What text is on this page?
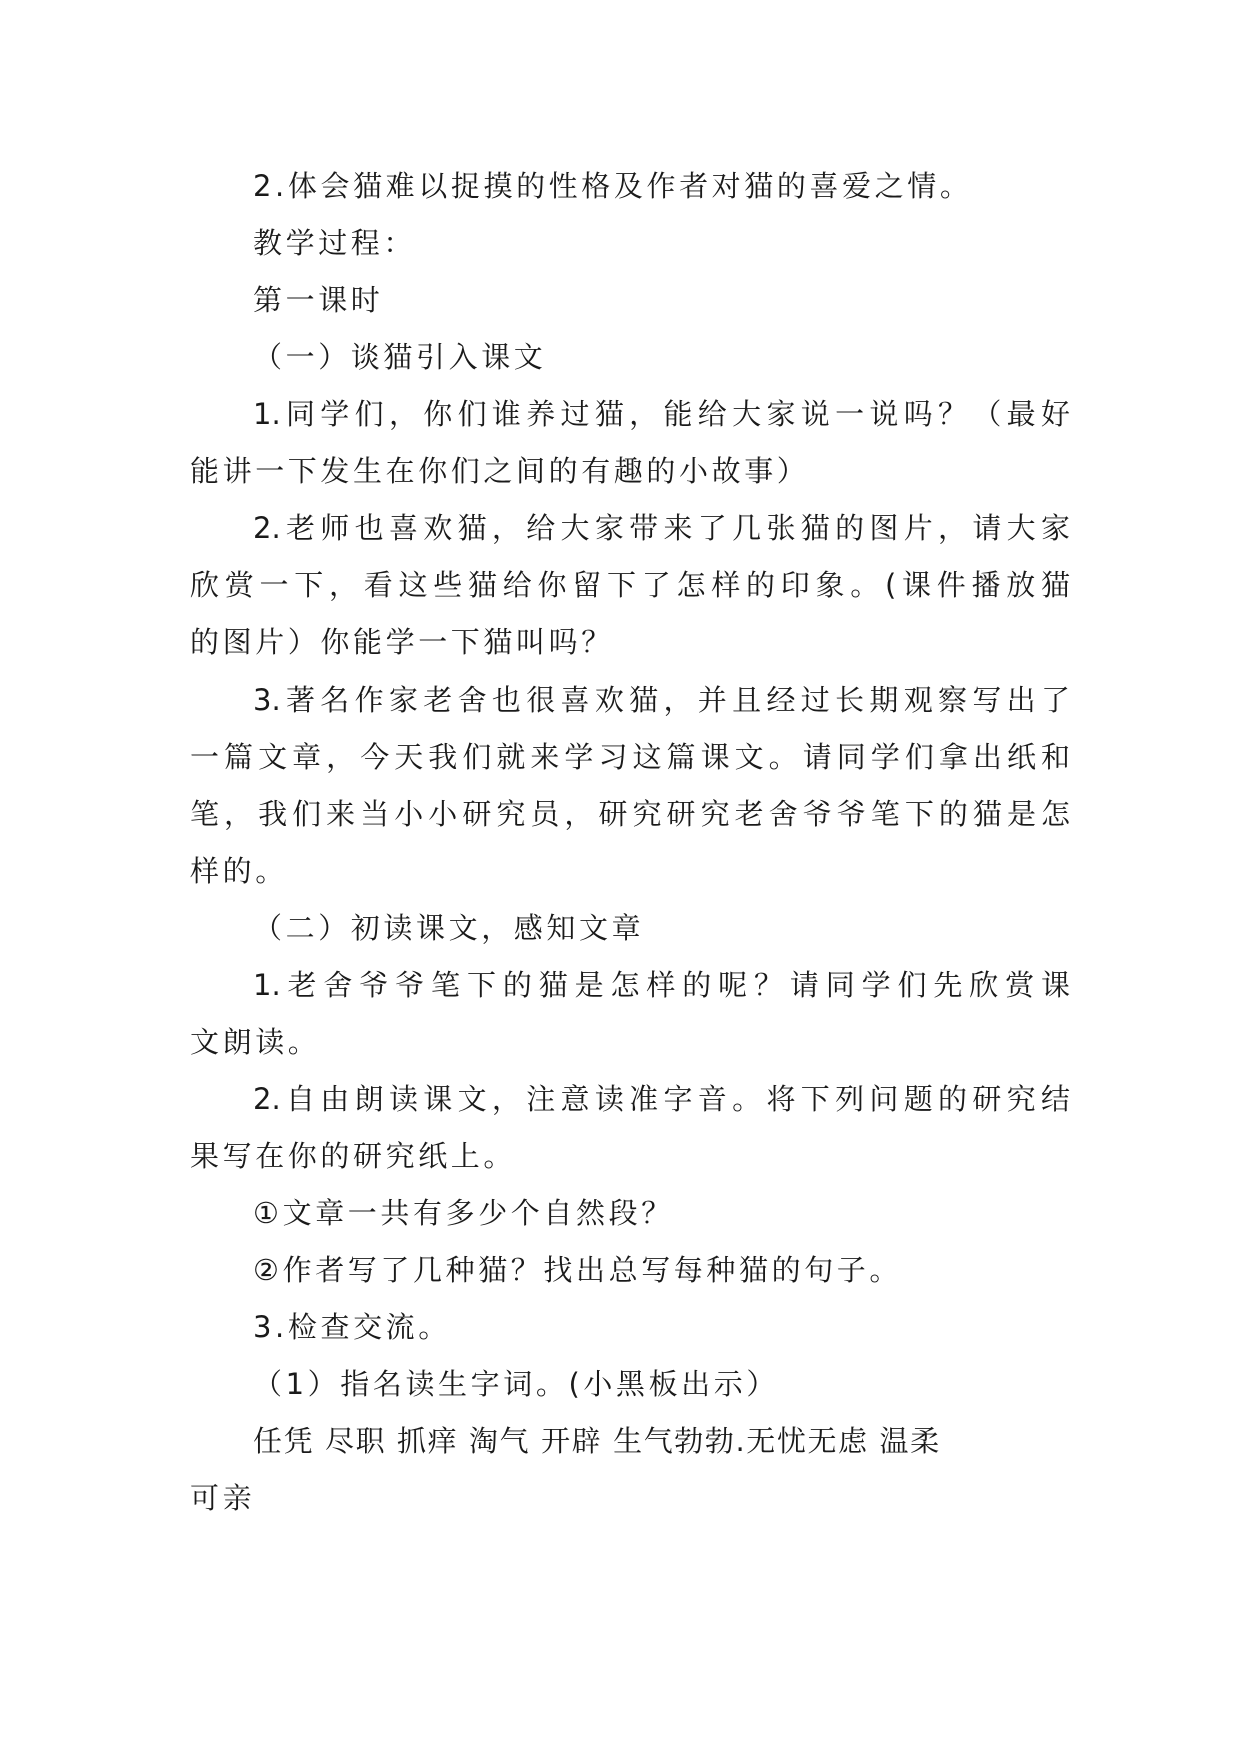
2.体会猫难以捉摸的性格及作者对猫的喜爱之情。
教学过程：
第一课时
（一）谈猫引入课文
1.同学们，你们谁养过猫，能给大家说一说吗？（最好
能讲一下发生在你们之间的有趣的小故事）
2.老师也喜欢猫，给大家带来了几张猫的图片，请大家
欣赏一下，看这些猫给你留下了怎样的印象。(课件播放猫
的图片）你能学一下猫叫吗？
3.著名作家老舍也很喜欢猫，并且经过长期观察写出了
一篇文章，今天我们就来学习这篇课文。请同学们拿出纸和
笔，我们来当小小研究员，研究研究老舍爷爷笔下的猫是怎
样的。
（二）初读课文，感知文章
1.老舍爷爷笔下的猫是怎样的呢？请同学们先欣赏课
文朗读。
2.自由朗读课文，注意读准字音。将下列问题的研究结
果写在你的研究纸上。
①文章一共有多少个自然段？
②作者写了几种猫？找出总写每种猫的句子。
3.检查交流。
（1）指名读生字词。(小黑板出示）
任凭 尽职 抓痒 淘气 开辟 生气勃勃.无忧无虑 温柔
可亲
